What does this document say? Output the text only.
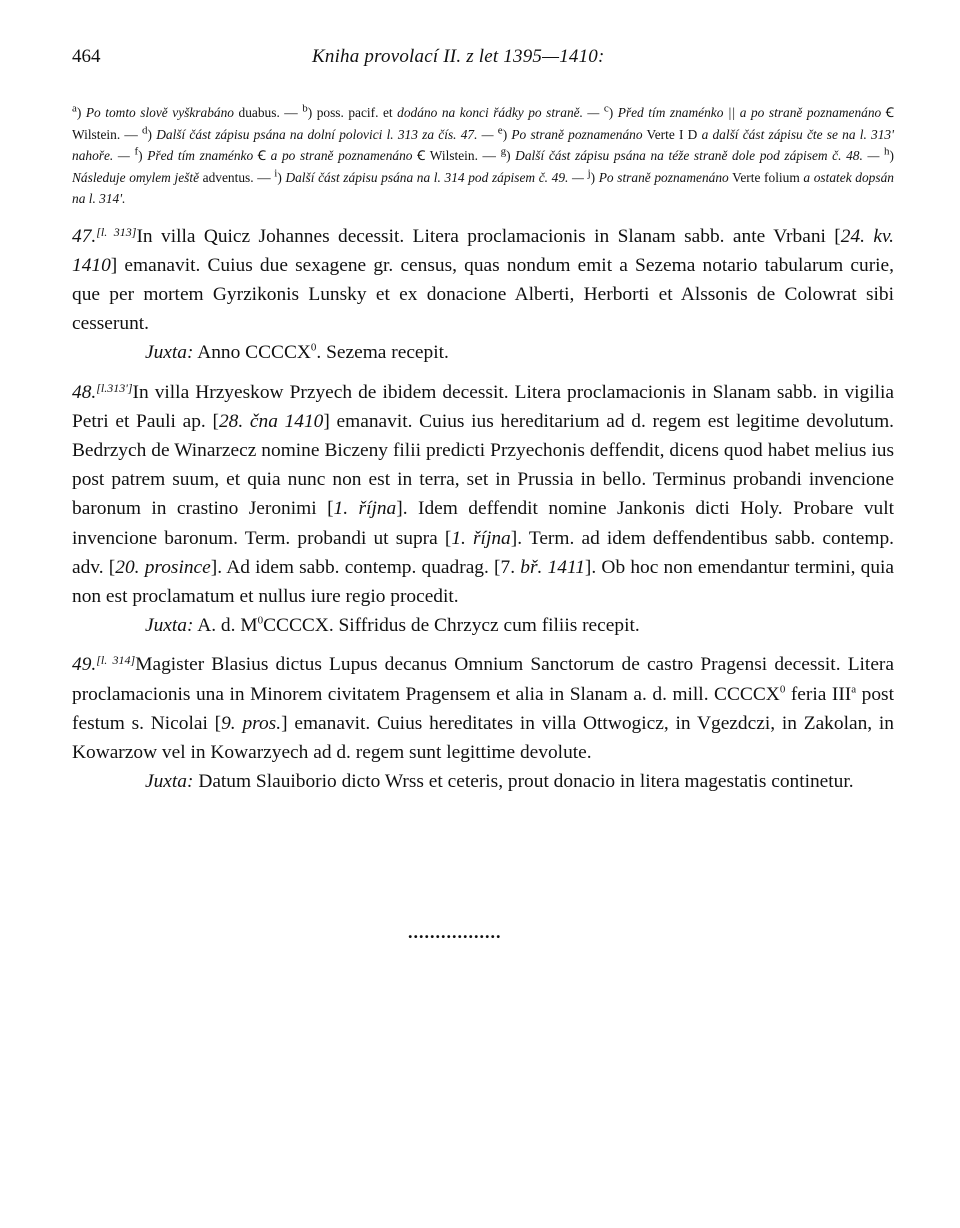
464	Kniha provolací II. z let 1395—1410:
$^a$) Po tomto slově vyškrabáno duabus. — $^b$) poss. pacif. et dodáno na konci řádky po straně. — $^c$) Před tím znaménko || a po straně poznamenáno Ꞓ Wilstein. — $^d$) Další část zápisu psána na dolní polovici l. 313 za čís. 47. — $^e$) Po straně poznamenáno Verte I D a další část zápisu čte se na l. 313' nahoře. — $^f$) Před tím znaménko Ꞓ a po straně poznamenáno Ꞓ Wilstein. — $^g$) Další část zápisu psána na téže straně dole pod zápisem č. 48. — $^h$) Následuje omylem ještě adventus. — $^i$) Další část zápisu psána na l. 314 pod zápisem č. 49. — $^j$) Po straně poznamenáno Verte folium a ostatek dopsán na l. 314'.

47.[l. 313]In villa Quicz Johannes decessit. Litera proclamacionis in Slanam sabb. ante Vrbani [24. kv. 1410] emanavit. Cuius due sexagene gr. census, quas nondum emit a Sezema notario tabularum curie, que per mortem Gyrzikonis Lunsky et ex donacione Alberti, Herborti et Alssonis de Colowrat sibi cesserunt.

Juxta: Anno CCCCX$^0$. Sezema recepit.

48.[l.313']In villa Hrzyeskow Przyech de ibidem decessit. Litera proclamacionis in Slanam sabb. in vigilia Petri et Pauli ap. [28. čna 1410] emanavit. Cuius ius hereditarium ad d. regem est legitime devolutum. Bedrzych de Winarzecz nomine Biczeny filii predicti Przyechonis deffendit, dicens quod habet melius ius post patrem suum, et quia nunc non est in terra, set in Prussia in bello. Terminus probandi invencione baronum in crastino Jeronimi [1. října]. Idem deffendit nomine Jankonis dicti Holy. Probare vult invencione baronum. Term. probandi ut supra [1. října]. Term. ad idem deffendentibus sabb. contemp. adv. [20. prosince]. Ad idem sabb. contemp. quadrag. [7. bř. 1411]. Ob hoc non emendantur termini, quia non est proclamatum et nullus iure regio procedit.

Juxta: A. d. $M^0CCCCX$. Siffridus de Chrzycz cum filiis recepit.

49.[l. 314]Magister Blasius dictus Lupus decanus Omnium Sanctorum de castro Pragensi decessit. Litera proclamacionis una in Minorem civitatem Pragensem et alia in Slanam a. d. mill. CCCCX$^0$ feria III$^a$ post festum s. Nicolai [9. pros.] emanavit. Cuius hereditates in villa Ottwogicz, in Vgezdczi, in Zakolan, in Kowarzow vel in Kowarzyech ad d. regem sunt legittime devolute.

Juxta: Datum Slauiborio dicto Wrss et ceteris, prout donacio in litera magestatis continetur.

.................
